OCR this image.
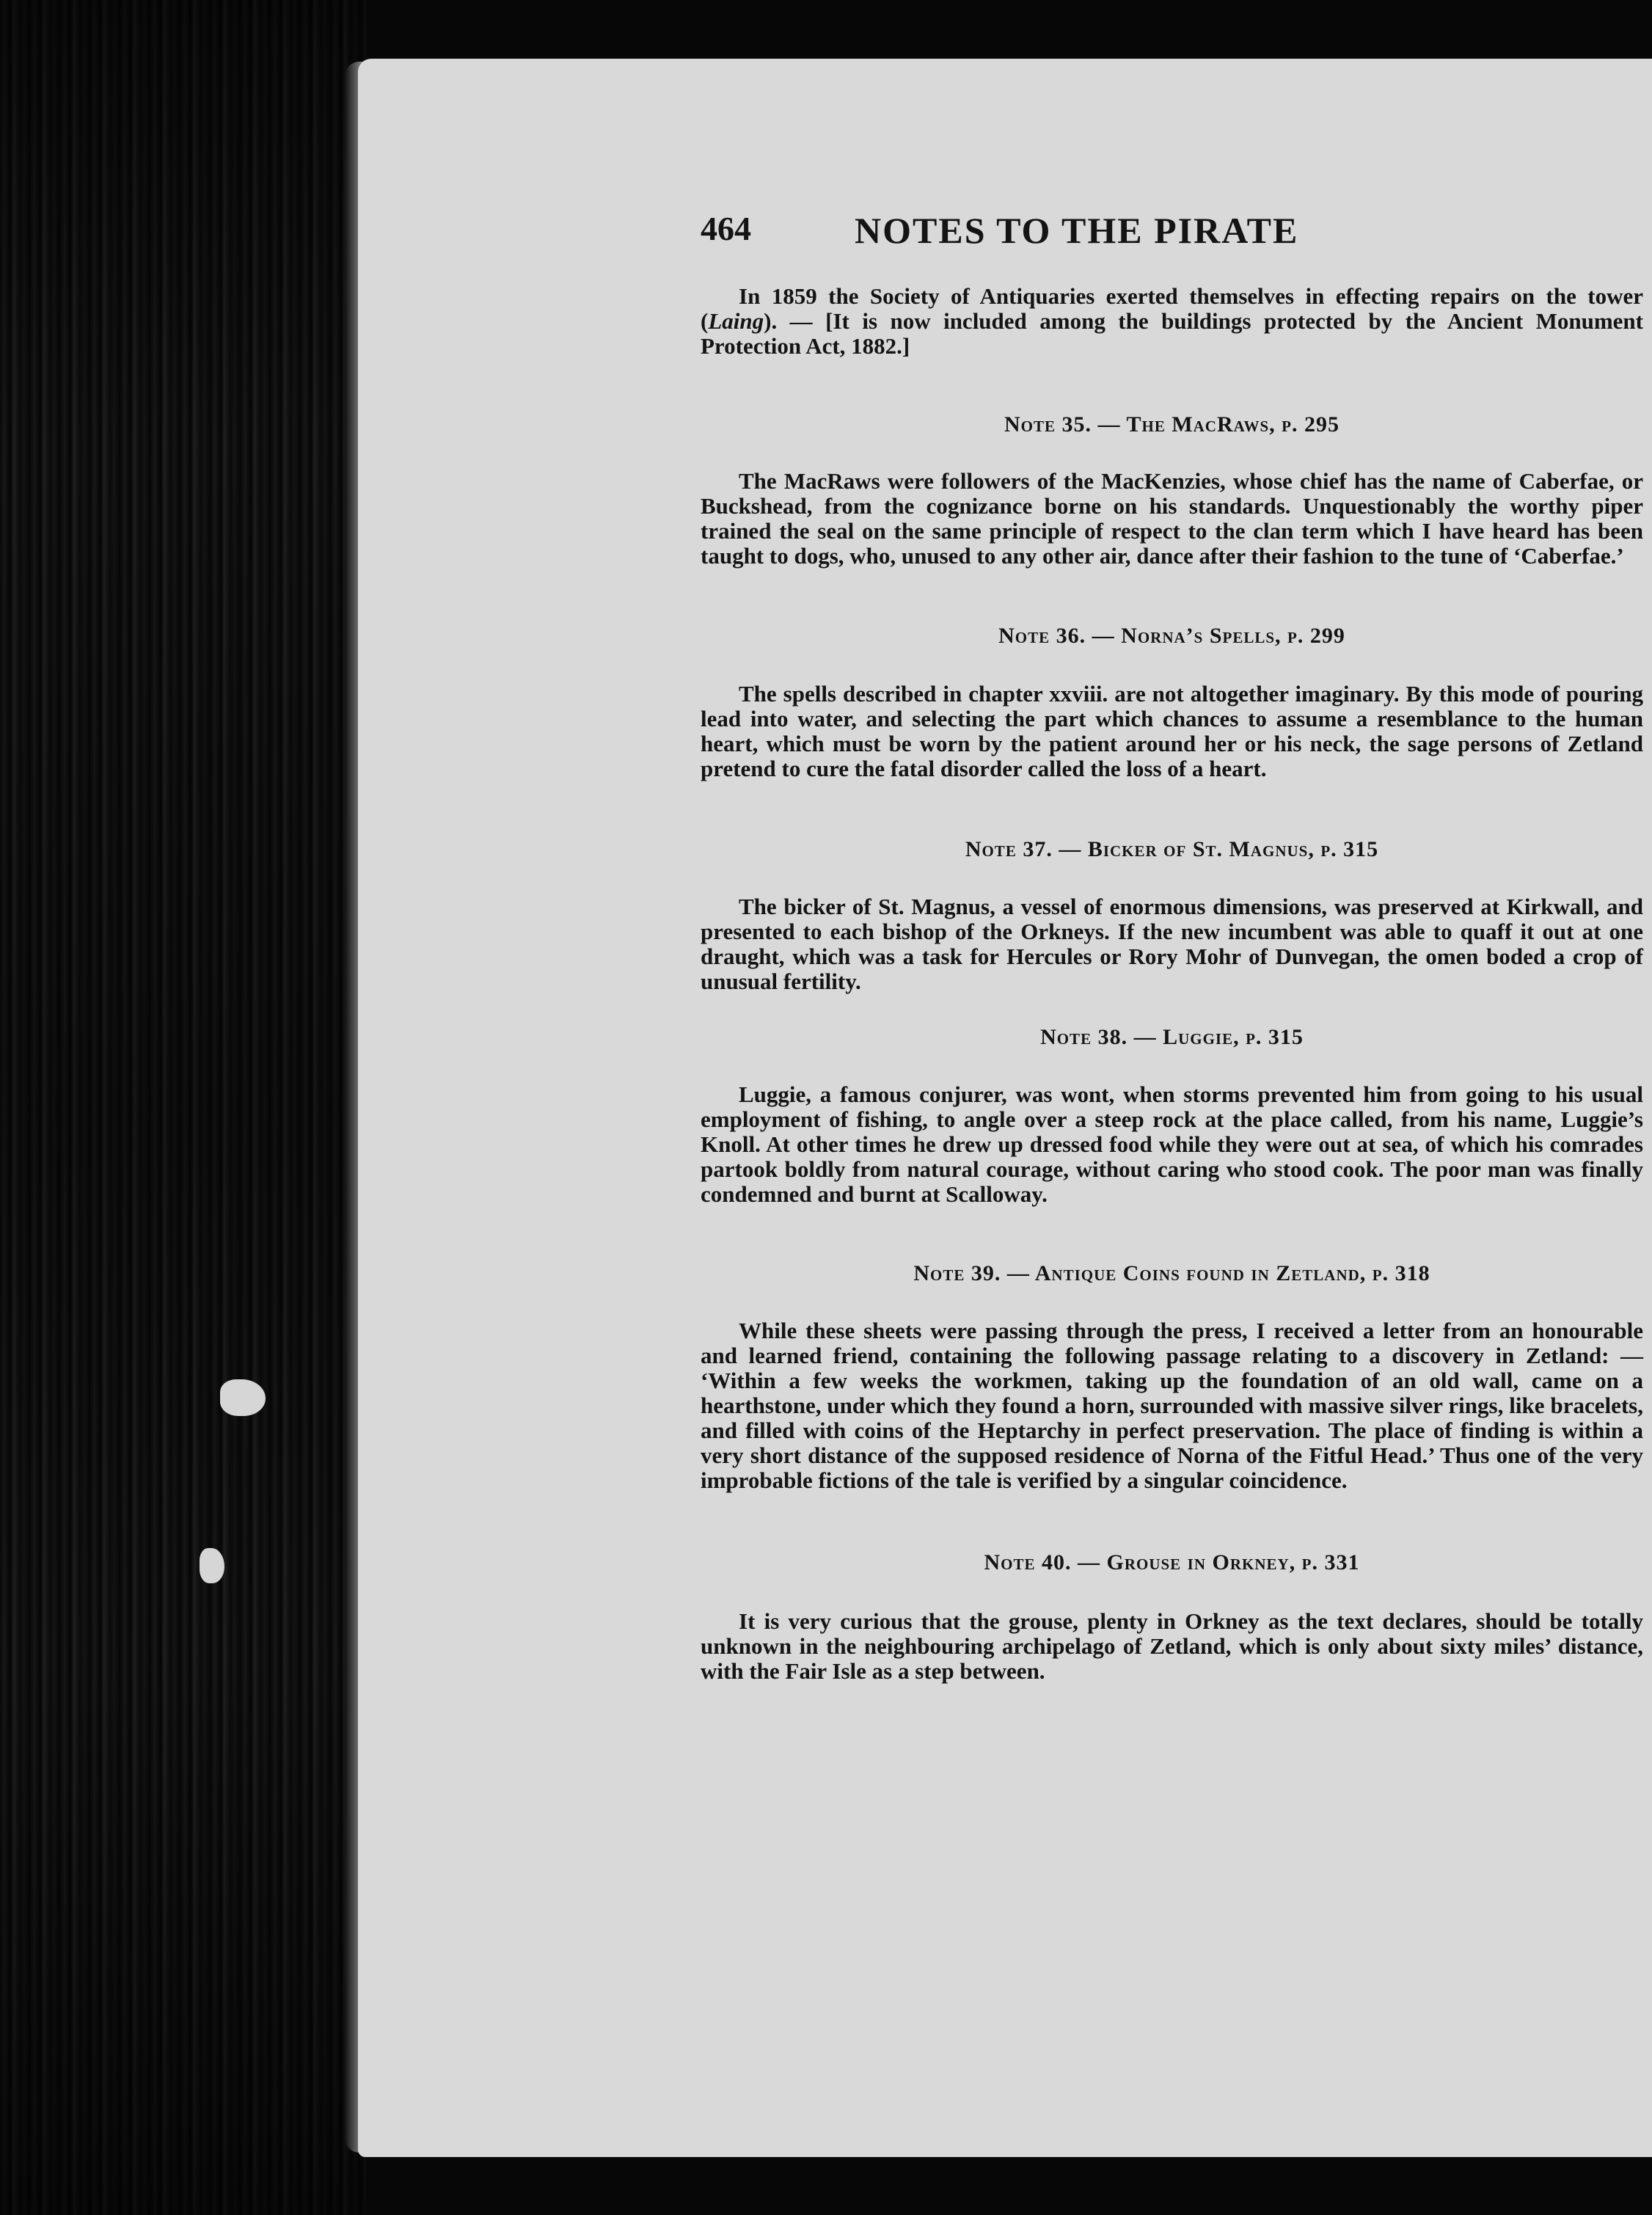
464	NOTES TO THE PIRATE

In 1859 the Society of Antiquaries exerted themselves in effecting repairs on the tower (Laing). — [It is now included among the buildings protected by the Ancient Monument Protection Act, 1882.]

Note 35. — The MacRaws, p. 295

The MacRaws were followers of the MacKenzies, whose chief has the name of Caberfae, or Buckshead, from the cognizance borne on his standards. Unquestionably the worthy piper trained the seal on the same principle of respect to the clan term which I have heard has been taught to dogs, who, unused to any other air, dance after their fashion to the tune of ‘Caberfae.’

Note 36. — Norna’s Spells, p. 299

The spells described in chapter xxviii. are not altogether imaginary. By this mode of pouring lead into water, and selecting the part which chances to assume a resemblance to the human heart, which must be worn by the patient around her or his neck, the sage persons of Zetland pretend to cure the fatal disorder called the loss of a heart.

Note 37. — Bicker of St. Magnus, p. 315

The bicker of St. Magnus, a vessel of enormous dimensions, was preserved at Kirkwall, and presented to each bishop of the Orkneys. If the new incumbent was able to quaff it out at one draught, which was a task for Hercules or Rory Mohr of Dunvegan, the omen boded a crop of unusual fertility.

Note 38. — Luggie, p. 315

Luggie, a famous conjurer, was wont, when storms prevented him from going to his usual employment of fishing, to angle over a steep rock at the place called, from his name, Luggie’s Knoll. At other times he drew up dressed food while they were out at sea, of which his comrades partook boldly from natural courage, without caring who stood cook. The poor man was finally condemned and burnt at Scalloway.

Note 39. — Antique Coins found in Zetland, p. 318

While these sheets were passing through the press, I received a letter from an honourable and learned friend, containing the following passage relating to a discovery in Zetland: — ‘Within a few weeks the workmen, taking up the foundation of an old wall, came on a hearthstone, under which they found a horn, surrounded with massive silver rings, like bracelets, and filled with coins of the Heptarchy in perfect preservation. The place of finding is within a very short distance of the supposed residence of Norna of the Fitful Head.’ Thus one of the very improbable fictions of the tale is verified by a singular coincidence.

Note 40. — Grouse in Orkney, p. 331

It is very curious that the grouse, plenty in Orkney as the text declares, should be totally unknown in the neighbouring archipelago of Zetland, which is only about sixty miles’ distance, with the Fair Isle as a step between.
